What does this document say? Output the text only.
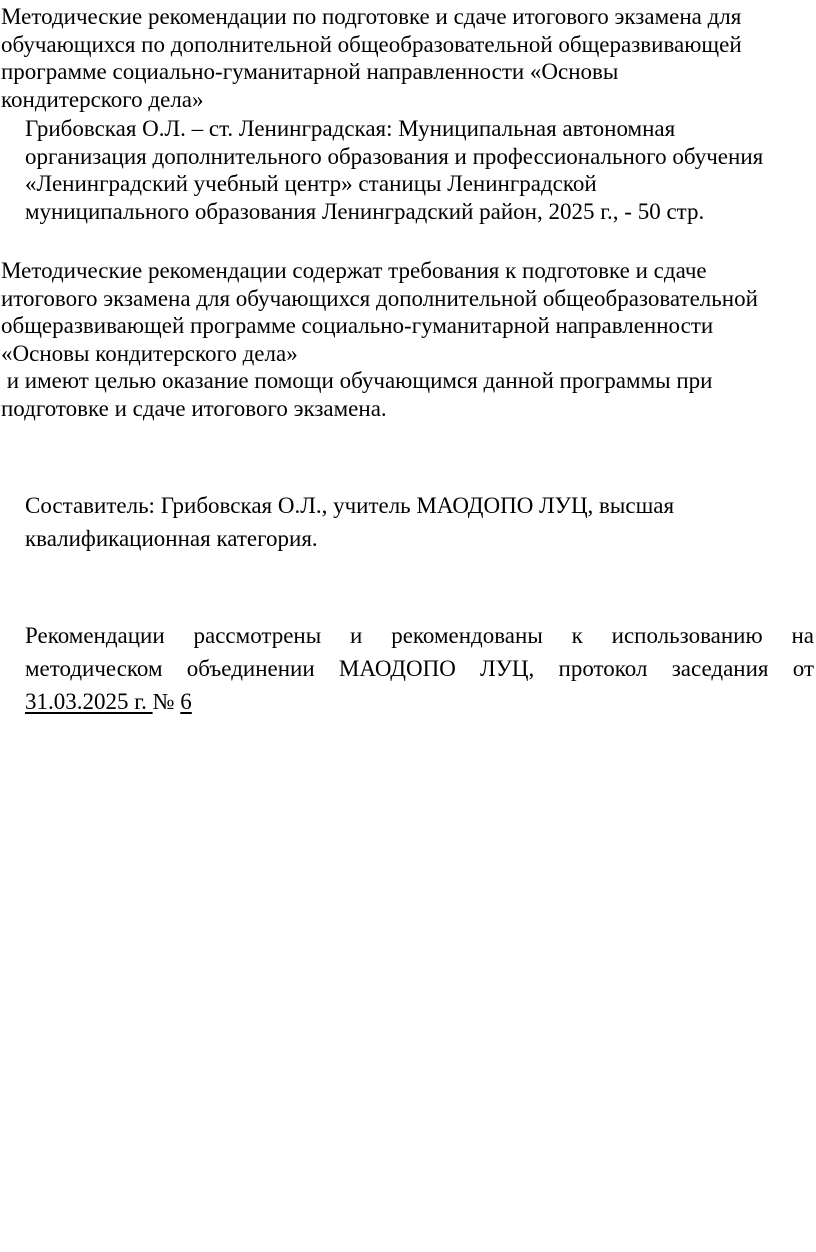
Методические рекомендации по подготовке и сдаче итогового экзамена для
обучающихся по дополнительной общеобразовательной общеразвивающей
программе социально-гуманитарной направленности «Основы
кондитерского дела»

Грибовская О.Л. – ст. Ленинградская: Муниципальная автономная
организация дополнительного образования и профессионального обучения
«Ленинградский учебный центр» станицы Ленинградской
муниципального образования Ленинградский район, 2025 г., - 50 стр.

Методические рекомендации содержат требования к подготовке и сдаче
итогового экзамена для обучающихся дополнительной общеобразовательной
общеразвивающей программе социально-гуманитарной направленности
«Основы кондитерского дела»
и имеют целью оказание помощи обучающимся данной программы при
подготовке и сдаче итогового экзамена.

Составитель: Грибовская О.Л., учитель МАОДОПО ЛУЦ, высшая
квалификационная категория.

Рекомендации рассмотрены и рекомендованы к использованию на
методическом объединении МАОДОПО ЛУЦ, протокол заседания от
31.03.2025 г. № 6
